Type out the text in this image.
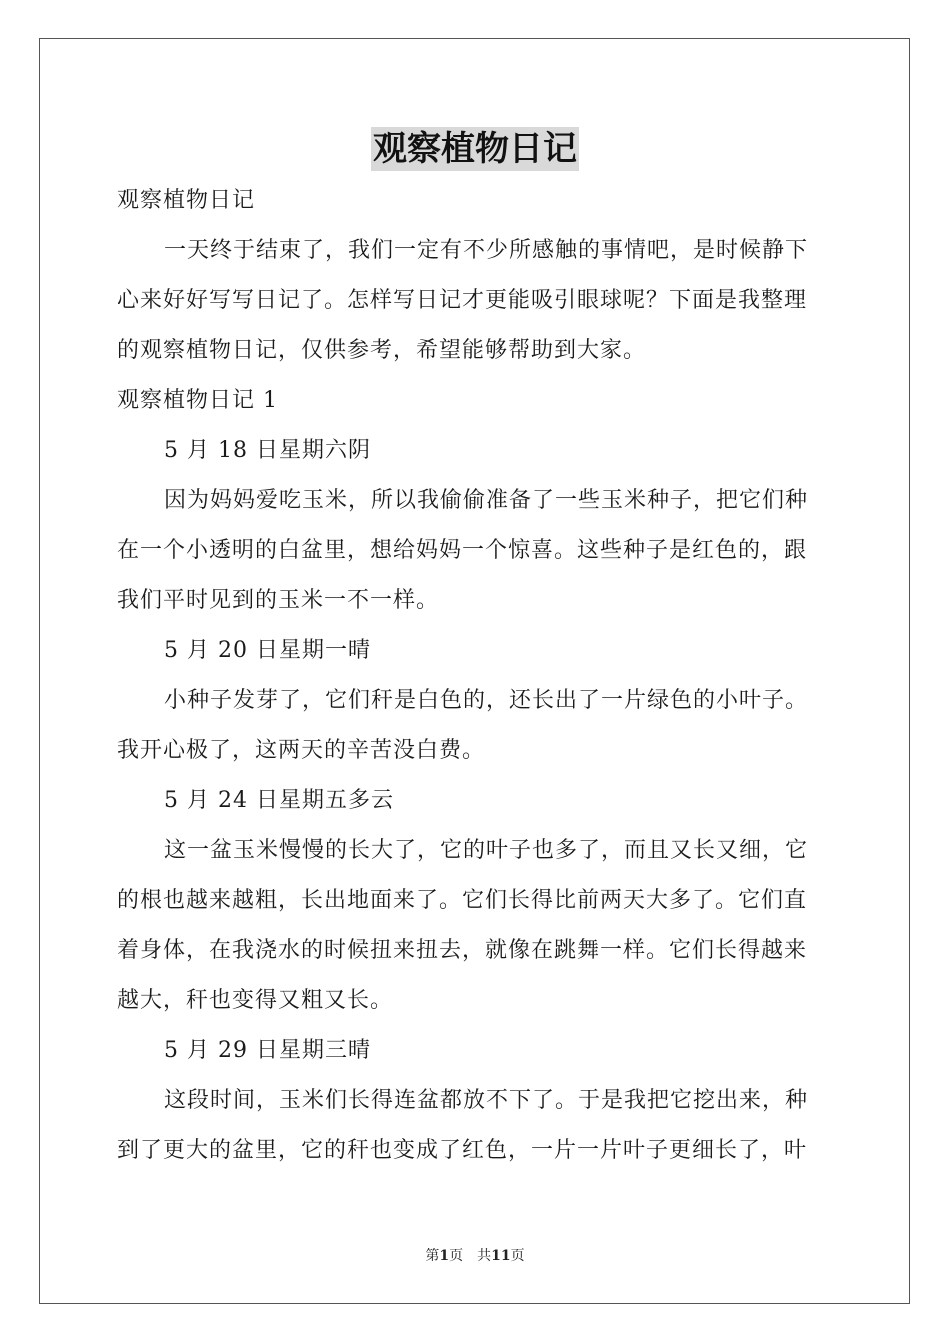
观察植物日记
观察植物日记
一天终于结束了，我们一定有不少所感触的事情吧，是时候静下
心来好好写写日记了。怎样写日记才更能吸引眼球呢？下面是我整理
的观察植物日记，仅供参考，希望能够帮助到大家。
观察植物日记 1
5 月 18 日星期六阴
因为妈妈爱吃玉米，所以我偷偷准备了一些玉米种子，把它们种
在一个小透明的白盆里，想给妈妈一个惊喜。这些种子是红色的，跟
我们平时见到的玉米一不一样。
5 月 20 日星期一晴
小种子发芽了，它们秆是白色的，还长出了一片绿色的小叶子。
我开心极了，这两天的辛苦没白费。
5 月 24 日星期五多云
这一盆玉米慢慢的长大了，它的叶子也多了，而且又长又细，它
的根也越来越粗，长出地面来了。它们长得比前两天大多了。它们直
着身体，在我浇水的时候扭来扭去，就像在跳舞一样。它们长得越来
越大，秆也变得又粗又长。
5 月 29 日星期三晴
这段时间，玉米们长得连盆都放不下了。于是我把它挖出来，种
到了更大的盆里，它的秆也变成了红色，一片一片叶子更细长了，叶
第1页 共11页
